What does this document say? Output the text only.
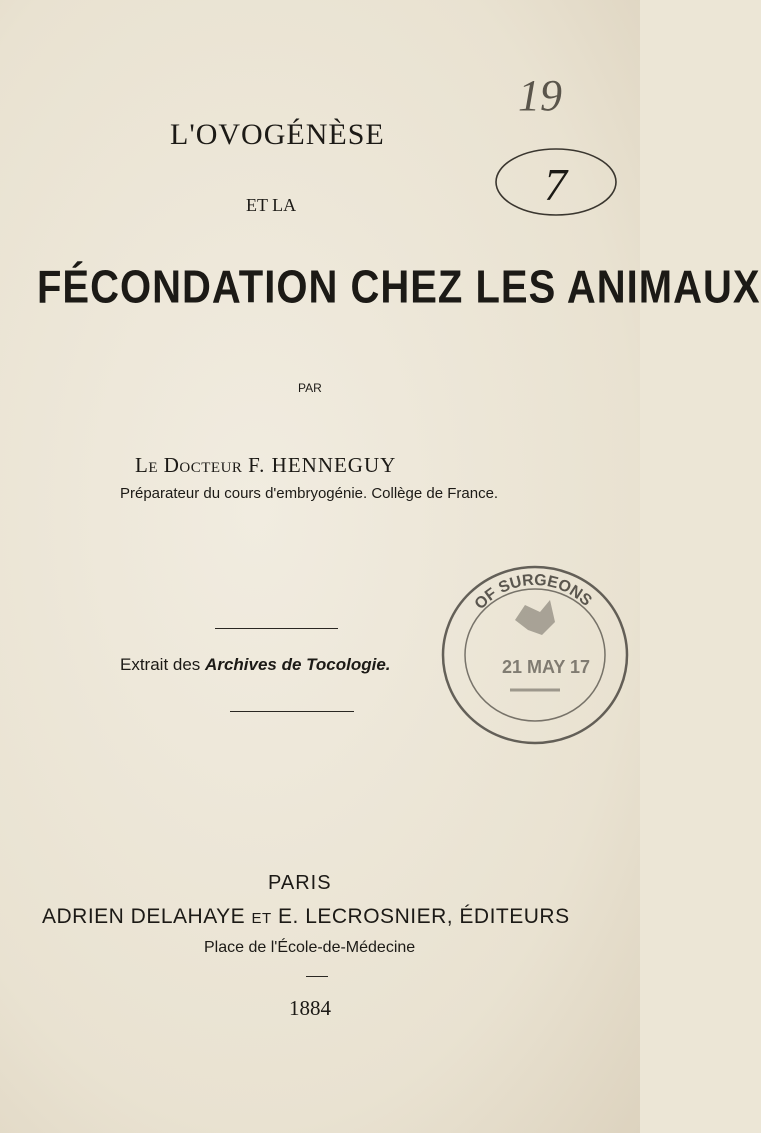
19
7
L'OVOGÉNÈSE
ET LA
FÉCONDATION CHEZ LES ANIMAUX
PAR
Le Docteur F. HENNEGUY
Préparateur du cours d'embryogénie. Collège de France.
Extrait des Archives de Tocologie.
OF SURGEONS
21 MAY 17
PARIS
ADRIEN DELAHAYE ET E. LECROSNIER, ÉDITEURS
Place de l'École-de-Médecine
1884
